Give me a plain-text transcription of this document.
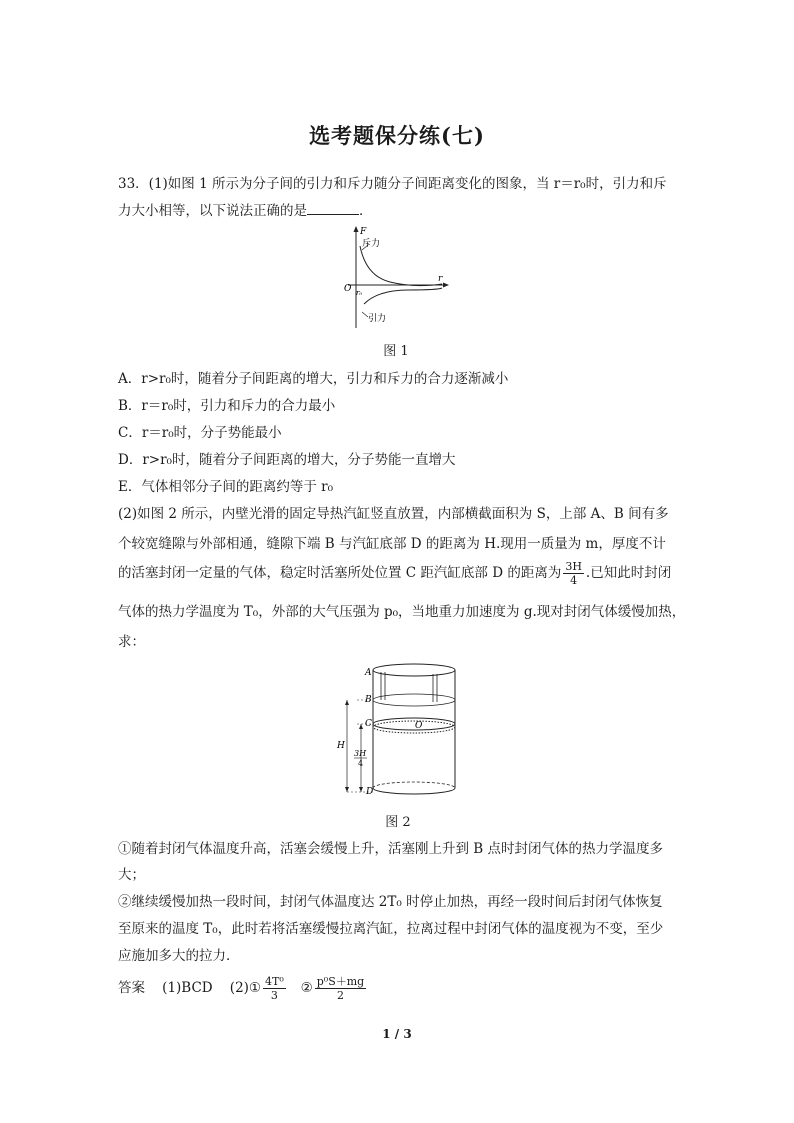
选考题保分练(七)
33．(1)如图 1 所示为分子间的引力和斥力随分子间距离变化的图象，当 r＝r₀时，引力和斥
力大小相等，以下说法正确的是	．
F
r
O r₀
斥力
引力
图 1
A．r>r₀时，随着分子间距离的增大，引力和斥力的合力逐渐减小
B．r＝r₀时，引力和斥力的合力最小
C．r＝r₀时，分子势能最小
D．r>r₀时，随着分子间距离的增大，分子势能一直增大
E．气体相邻分子间的距离约等于 r₀
(2)如图 2 所示，内壁光滑的固定导热汽缸竖直放置，内部横截面积为 S，上部 A、B 间有多
个较宽缝隙与外部相通，缝隙下端 B 与汽缸底部 D 的距离为 H.现用一质量为 m，厚度不计
的活塞封闭一定量的气体，稳定时活塞所处位置 C 距汽缸底部 D 的距离为 $\frac{3H}{4}$ .已知此时封闭
气体的热力学温度为 T₀，外部的大气压强为 p₀，当地重力加速度为 g.现对封闭气体缓慢加热，
求：
A
B
C
D
O
H
3H
4
图 2
①随着封闭气体温度升高，活塞会缓慢上升，活塞刚上升到 B 点时封闭气体的热力学温度多
大；
②继续缓慢加热一段时间，封闭气体温度达 2T₀ 时停止加热，再经一段时间后封闭气体恢复
至原来的温度 T₀，此时若将活塞缓慢拉离汽缸，拉离过程中封闭气体的温度视为不变，至少
应施加多大的拉力．
答案 (1)BCD (2)① $\frac{\text{4T⁰}}{3}$ ② $\frac{\text{p⁰S＋mg}}{2}$
1 / 3
